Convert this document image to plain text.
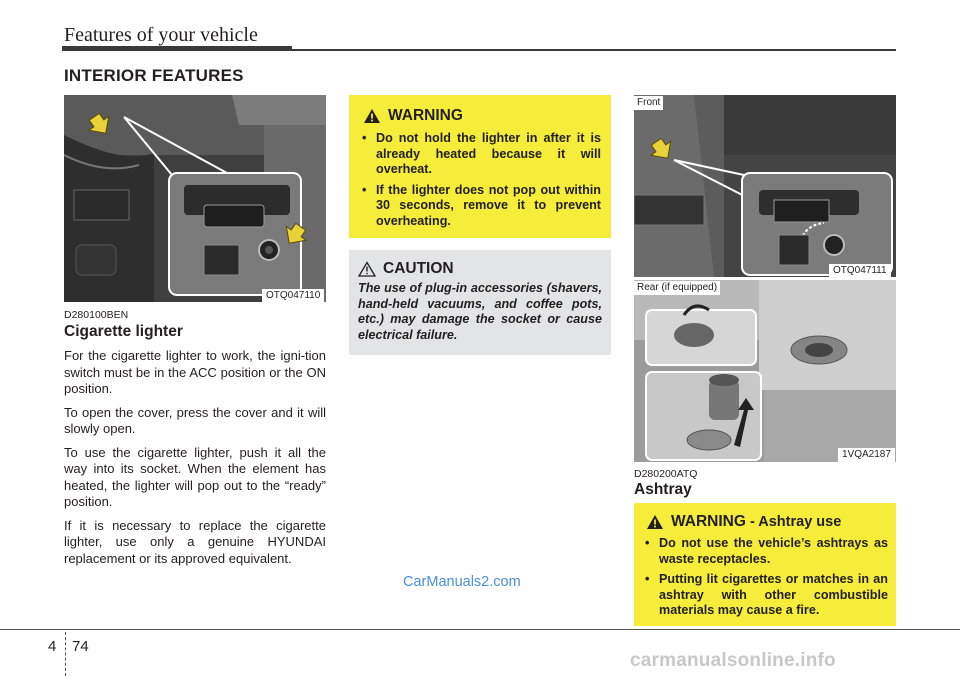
Features of your vehicle
INTERIOR FEATURES
OTQ047110
D280100BEN
Cigarette lighter

For the cigarette lighter to work, the igni-tion switch must be in the ACC position or the ON position.

To open the cover, press the cover and it will slowly open.

To use the cigarette lighter, push it all the way into its socket. When the element has heated, the lighter will pop out to the “ready” position.

If it is necessary to replace the cigarette lighter, use only a genuine HYUNDAI replacement or its approved equivalent.

WARNING
• Do not hold the lighter in after it is already heated because it will overheat.
• If the lighter does not pop out within 30 seconds, remove it to prevent overheating.
CAUTION
The use of plug-in accessories (shavers, hand-held vacuums, and coffee pots, etc.) may damage the socket or cause electrical failure.
Front
OTQ047111
Rear (if equipped)
1VQA2187
D280200ATQ
Ashtray
WARNING - Ashtray use
• Do not use the vehicle’s ashtrays as waste receptacles.
• Putting lit cigarettes or matches in an ashtray with other combustible materials may cause a fire.
4 74
CarManuals2.com
carmanualsonline.info
